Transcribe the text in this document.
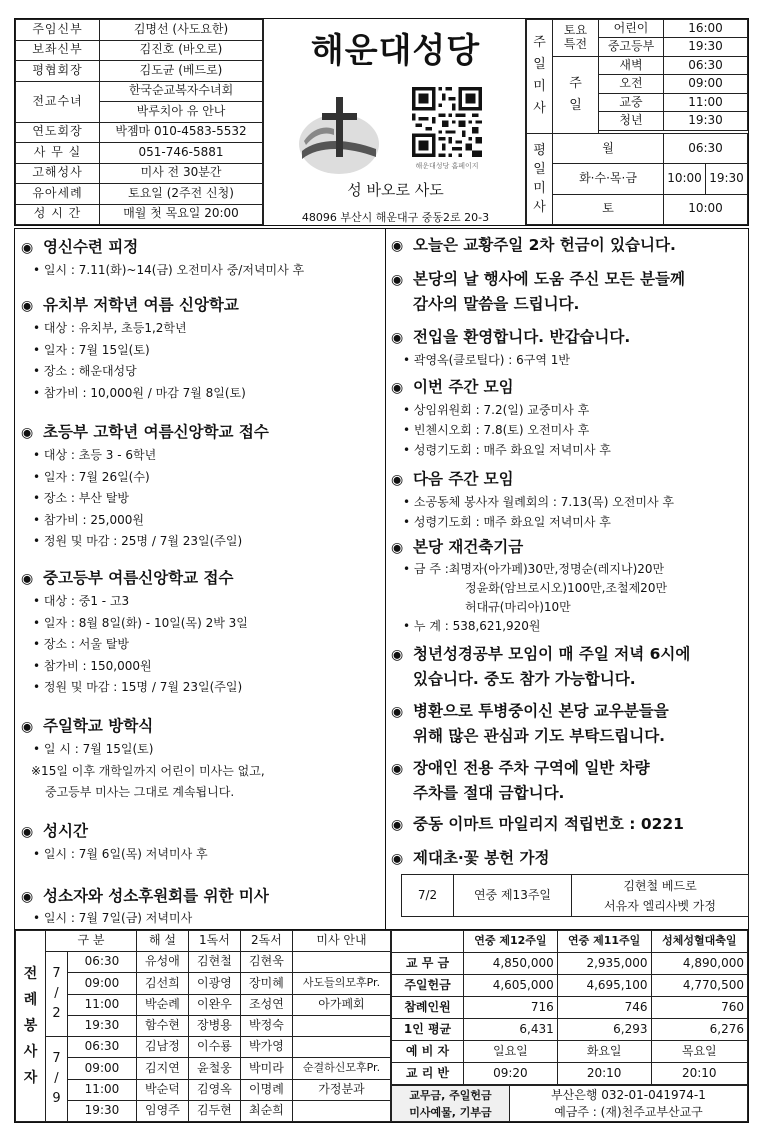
주임신부	김명선 (사도요한)
보좌신부	김진호 (바오로)
평협회장	김도균 (베드로)
전교수녀	한국순교복자수녀회
	박루치아 유 안나
연도회장	박젬마 010-4583-5532
사 무 실	051-746-5881
고해성사	미사 전 30분간
유아세례	토요일 (2주전 신청)
성 시 간	매월 첫 목요일 20:00
해운대성당
해운대성당 홈페이지
성 바오로 사도
48096 부산시 해운대구 중동2로 20-3
주
일
미
사	토요
특전	어린이	16:00	
		중고등부	19:30	
	주
일	새벽	06:30	
		오전	09:00	
		교중	11:00	
		청년	19:30	

평
일
미
사	월		06:30	
	화·수·목·금		10:00	19:30
	토		10:00	
◉ 영신수련 피정
• 일시 : 7.11(화)~14(금) 오전미사 중/저녁미사 후
◉ 유치부 저학년 여름 신앙학교
• 대상 : 유치부, 초등1,2학년
• 일자 : 7월 15일(토)
• 장소 : 해운대성당
• 참가비 : 10,000원 / 마감 7월 8일(토)
◉ 초등부 고학년 여름신앙학교 접수
• 대상 : 초등 3 - 6학년
• 일자 : 7월 26일(수)
• 장소 : 부산 탈방
• 참가비 : 25,000원
• 정원 및 마감 : 25명 / 7월 23일(주일)
◉ 중고등부 여름신앙학교 접수
• 대상 : 중1 - 고3
• 일자 : 8월 8일(화) - 10일(목) 2박 3일
• 장소 : 서울 탈방
• 참가비 : 150,000원
• 정원 및 마감 : 15명 / 7월 23일(주일)
◉ 주일학교 방학식
• 일 시 : 7월 15일(토)
※15일 이후 개학일까지 어린이 미사는 없고,
중고등부 미사는 그대로 계속됩니다.
◉ 성시간
• 일시 : 7월 6일(목) 저녁미사 후
◉ 성소자와 성소후원회를 위한 미사
• 일시 : 7월 7일(금) 저녁미사
◉ 오늘은 교황주일 2차 헌금이 있습니다.
◉ 본당의 날 행사에 도움 주신 모든 분들께
감사의 말씀을 드립니다.
◉ 전입을 환영합니다. 반갑습니다.
• 곽영옥(클로틸다) : 6구역 1반
◉ 이번 주간 모임
• 상임위원회 : 7.2(일) 교중미사 후
• 빈첸시오회 : 7.8(토) 오전미사 후
• 성령기도회 : 매주 화요일 저녁미사 후
◉ 다음 주간 모임
• 소공동체 봉사자 월례회의 : 7.13(목) 오전미사 후
• 성령기도회 : 매주 화요일 저녁미사 후
◉ 본당 재건축기금
• 금 주 :최명자(아가페)30만,정명순(레지나)20만
정윤화(암브로시오)100만,조철제20만
허대규(마리아)10만
• 누 계 : 538,621,920원
◉ 청년성경공부 모임이 매 주일 저녁 6시에
있습니다. 중도 참가 가능합니다.
◉ 병환으로 투병중이신 본당 교우분들을
위해 많은 관심과 기도 부탁드립니다.
◉ 장애인 전용 주차 구역에 일반 차량
주차를 절대 금합니다.
◉ 중동 이마트 마일리지 적립번호 : 0221
◉ 제대초·꽃 봉헌 가정
7/2	연중 제13주일	김현철 베드로
서유자 엘리사벳 가정
전
례
봉
사
자	구 분		해 설	1독서	2독서	미사 안내
	7
/
2	06:30	유성애	김현철	김현욱	
		09:00	김선희	이광영	장미혜	사도들의모후Pr.
		11:00	박순례	이완우	조성연	아가페회
		19:30	함수현	장병용	박정숙	
	7
/
9	06:30	김남정	이수룡	박가영	
		09:00	김지연	윤철웅	박미라	순결하신모후Pr.
		11:00	박순덕	김영옥	이명례	가정분과
		19:30	임영주	김두현	최순희	
	연중 제12주일	연중 제11주일	성체성혈대축일
교 무 금	4,850,000	2,935,000	4,890,000
주일헌금	4,605,000	4,695,100	4,770,500
참례인원	716	746	760
1인 평균	6,431	6,293	6,276
예 비 자	일요일	화요일	목요일
교 리 반	09:20	20:10	20:10
교무금, 주일헌금
미사예물, 기부금	부산은행 032-01-041974-1
예금주 : (재)천주교부산교구
